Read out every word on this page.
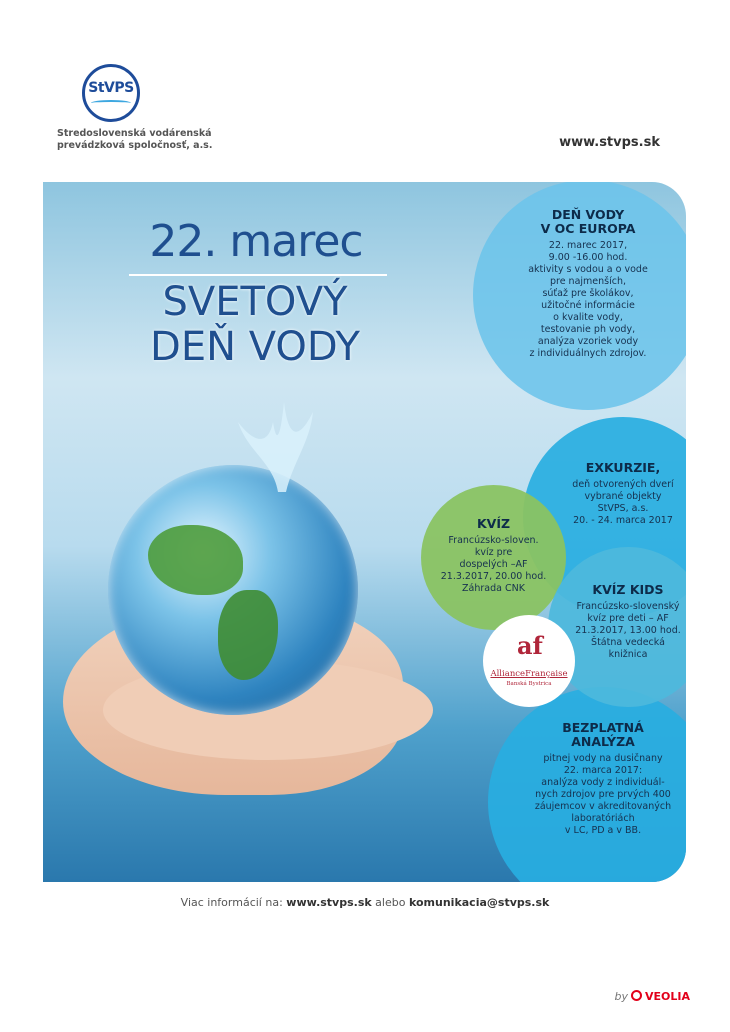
StVPS
Stredoslovenská vodárenská
prevádzková spoločnosť, a.s.	www.stvps.sk
22. marec
SVETOVÝ
DEŇ VODY
DEŇ VODY
V OC EUROPA
22. marec 2017,
9.00 -16.00 hod.
aktivity s vodou a o vode
pre najmenších,
súťaž pre školákov,
užitočné informácie
o kvalite vody,
testovanie ph vody,
analýza vzoriek vody
z individuálnych zdrojov.
EXKURZIE,
deň otvorených dverí
vybrané objekty
StVPS, a.s.
20. - 24. marca 2017
KVÍZ
Francúzsko-sloven.
kvíz pre
dospelých –AF
21.3.2017, 20.00 hod.
Záhrada CNK
BEZPLATNÁ
ANALÝZA
pitnej vody na dusičnany
22. marca 2017:
analýza vody z individuál-
nych zdrojov pre prvých 400
záujemcov v akreditovaných
laboratóriách
v LC, PD a v BB.
KVÍZ KIDS
Francúzsko-slovenský
kvíz pre deti – AF
21.3.2017, 13.00 hod.
Štátna vedecká
knižnica
af
AllianceFrançaise
Banská Bystrica
Viac informácií na: www.stvps.sk alebo komunikacia@stvps.sk
by VEOLIA
